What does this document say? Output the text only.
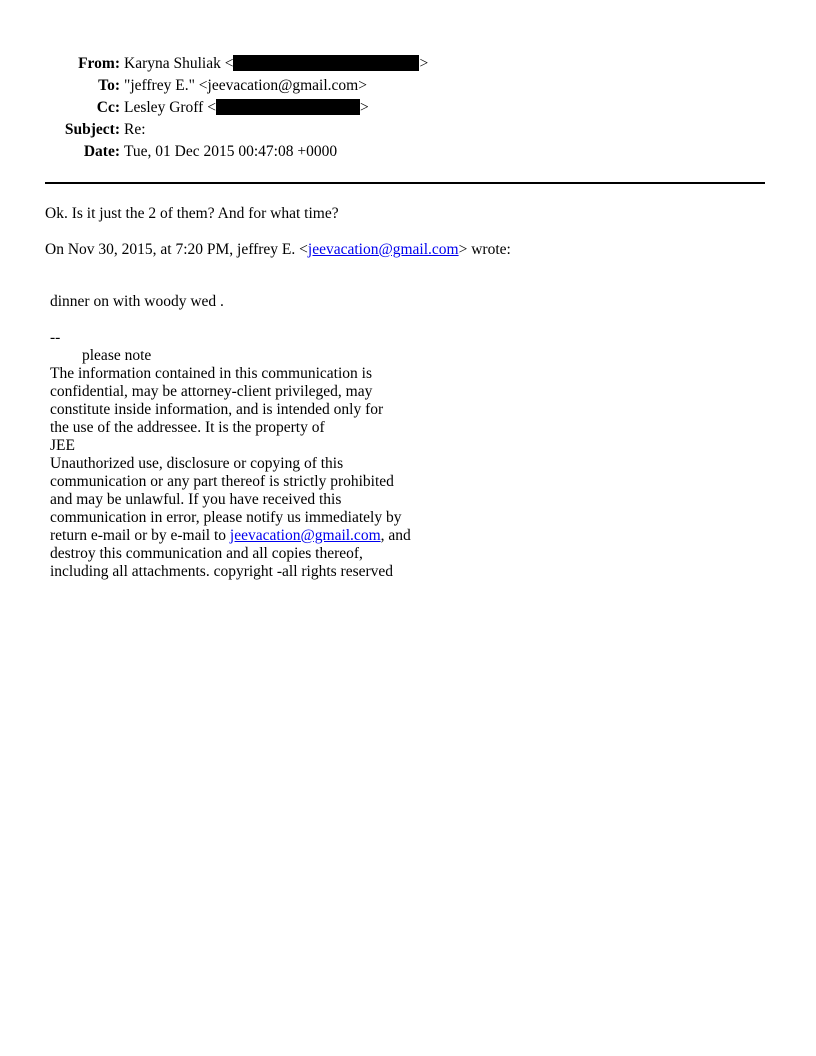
From:	Karyna Shuliak < >
To:	"jeffrey E." <jeevacation@gmail.com>
Cc:	Lesley Groff < >
Subject:	Re:
Date:	Tue, 01 Dec 2015 00:47:08 +0000
Ok. Is it just the 2 of them? And for what time?
On Nov 30, 2015, at 7:20 PM, jeffrey E. <jeevacation@gmail.com> wrote:
dinner on with woody wed .
--
please note
The information contained in this communication is
confidential, may be attorney-client privileged, may
constitute inside information, and is intended only for
the use of the addressee. It is the property of
JEE
Unauthorized use, disclosure or copying of this
communication or any part thereof is strictly prohibited
and may be unlawful. If you have received this
communication in error, please notify us immediately by
return e-mail or by e-mail to jeevacation@gmail.com, and
destroy this communication and all copies thereof,
including all attachments. copyright -all rights reserved
